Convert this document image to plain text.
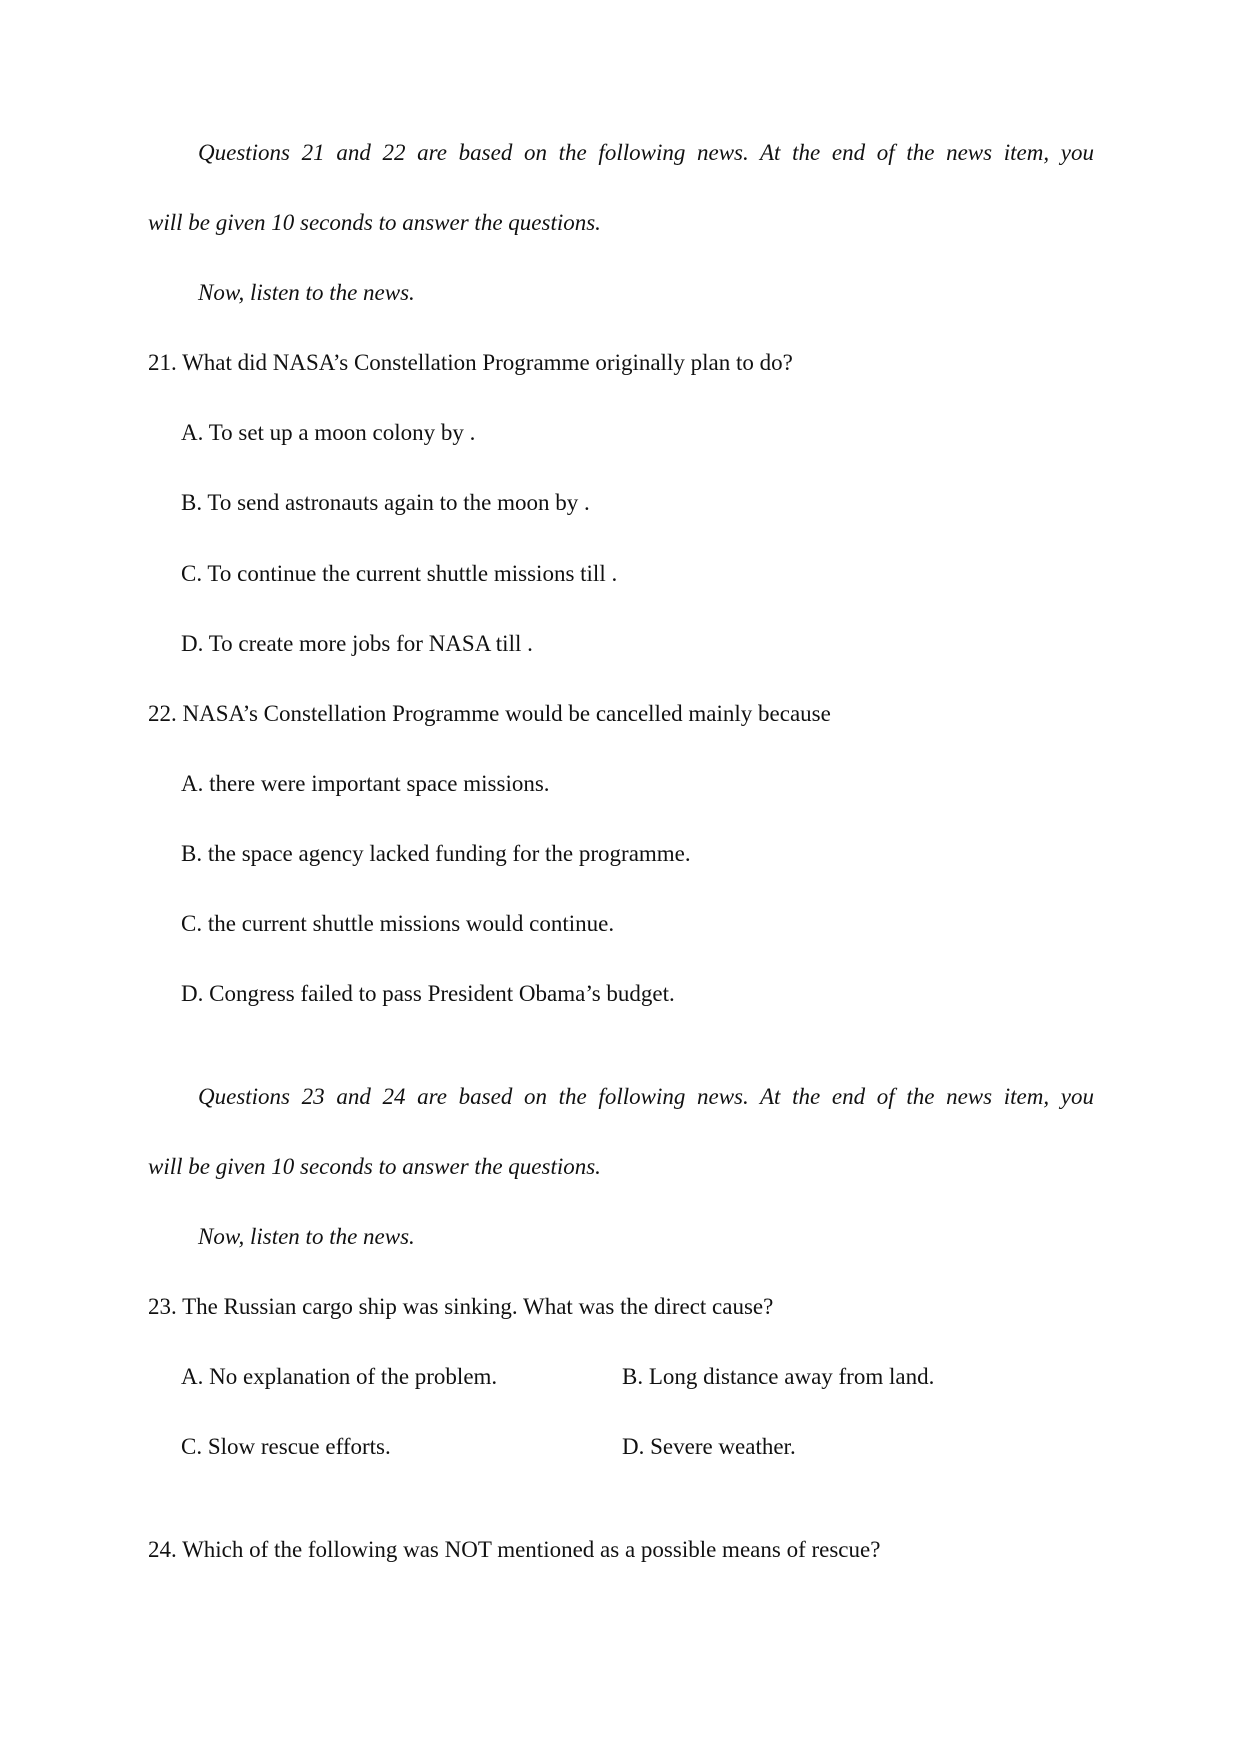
Questions 21 and 22 are based on the following news. At the end of the news item, you
will be given 10 seconds to answer the questions.
Now, listen to the news.
21. What did NASA’s Constellation Programme originally plan to do?
A. To set up a moon colony by .
B. To send astronauts again to the moon by .
C. To continue the current shuttle missions till .
D. To create more jobs for NASA till .
22. NASA’s Constellation Programme would be cancelled mainly because
A. there were important space missions.
B. the space agency lacked funding for the programme.
C. the current shuttle missions would continue.
D. Congress failed to pass President Obama’s budget.
Questions 23 and 24 are based on the following news. At the end of the news item, you
will be given 10 seconds to answer the questions.
Now, listen to the news.
23. The Russian cargo ship was sinking. What was the direct cause?
A. No explanation of the problem.	B. Long distance away from land.
C. Slow rescue efforts.	D. Severe weather.
24. Which of the following was NOT mentioned as a possible means of rescue?
